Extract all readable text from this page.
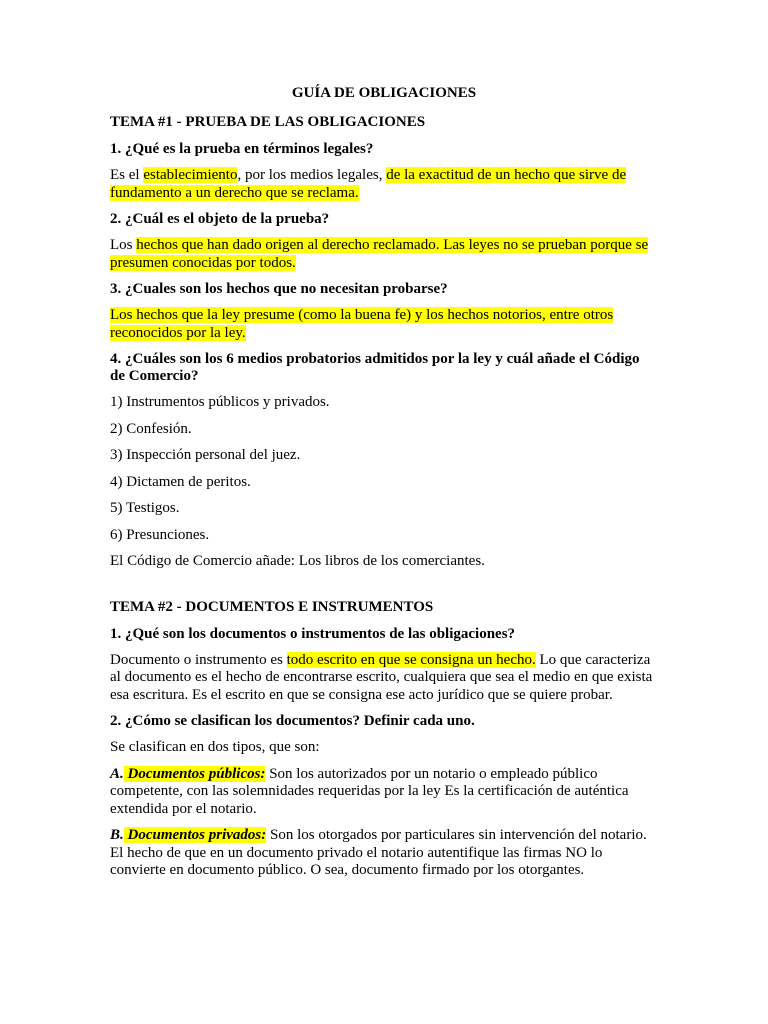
GUÍA DE OBLIGACIONES
TEMA #1 - PRUEBA DE LAS OBLIGACIONES
1. ¿Qué es la prueba en términos legales?
Es el establecimiento, por los medios legales, de la exactitud de un hecho que sirve de fundamento a un derecho que se reclama.
2. ¿Cuál es el objeto de la prueba?
Los hechos que han dado origen al derecho reclamado. Las leyes no se prueban porque se presumen conocidas por todos.
3. ¿Cuales son los hechos que no necesitan probarse?
Los hechos que la ley presume (como la buena fe) y los hechos notorios, entre otros reconocidos por la ley.
4. ¿Cuáles son los 6 medios probatorios admitidos por la ley y cuál añade el Código de Comercio?
1) Instrumentos públicos y privados.
2) Confesión.
3) Inspección personal del juez.
4) Dictamen de peritos.
5) Testigos.
6) Presunciones.
El Código de Comercio añade: Los libros de los comerciantes.
TEMA #2 - DOCUMENTOS E INSTRUMENTOS
1. ¿Qué son los documentos o instrumentos de las obligaciones?
Documento o instrumento es todo escrito en que se consigna un hecho. Lo que caracteriza al documento es el hecho de encontrarse escrito, cualquiera que sea el medio en que exista esa escritura. Es el escrito en que se consigna ese acto jurídico que se quiere probar.
2. ¿Cómo se clasifican los documentos? Definir cada uno.
Se clasifican en dos tipos, que son:
A. Documentos públicos: Son los autorizados por un notario o empleado público competente, con las solemnidades requeridas por la ley Es la certificación de auténtica extendida por el notario.
B. Documentos privados: Son los otorgados por particulares sin intervención del notario. El hecho de que en un documento privado el notario autentifique las firmas NO lo convierte en documento público. O sea, documento firmado por los otorgantes.
